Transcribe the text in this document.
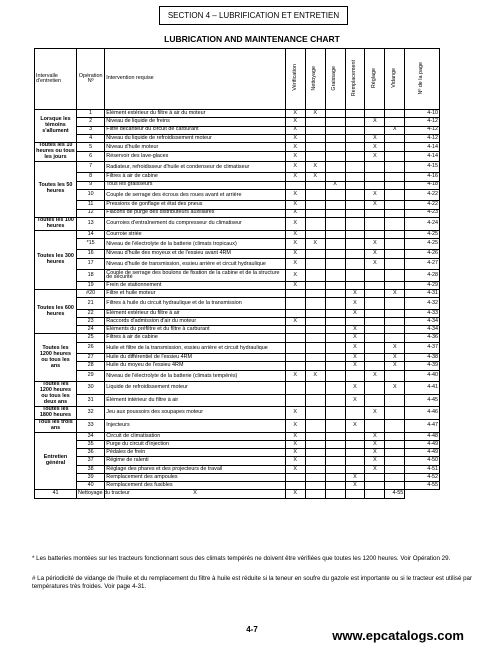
SECTION 4 – LUBRIFICATION ET ENTRETIEN
LUBRICATION AND MAINTENANCE CHART
Intervalle d'entretien	Opération Nº	Intervention requise	Vérification	Nettoyage	Graissage	Remplacement	Réglage	Vidange	Nº de la page
Lorsque les témoins s'allument	1	Élément extérieur du filtre à air du moteur	X	X					4-10
	2	Niveau de liquide de freins	X				X		4-12
	3	Filtre décanteur du circuit de carburant	X					X	4-12
	4	Niveau du liquide de refroidissement moteur	X				X		4-12
Toutes les 10 heures ou tous les jours	5	Niveau d'huile moteur	X				X		4-14
	6	Réservoir des lave-glaces	X				X		4-14
Toutes les 50 heures	7	Radiateur, refroidisseur d'huile et condenseur de climatiseur	X	X					4-15
	8	Filtres à air de cabine	X	X					4-16
	9	Tous les graisseurs			X				4-18
	10	Couple de serrage des écrous des roues avant et arrière	X				X		4-22
	11	Pressions de gonflage et état des pneus	X				X		4-22
	12	Flacons de purge des distributeurs auxiliaires	X						4-23
Toutes les 100 heures	13	Courroies d'entraînement du compresseur du climatiseur	X						4-24
Toutes les 300 heures	14	Courroie striée	X						4-25
	*15	Niveau de l'électrolyte de la batterie (climats tropicaux)	X	X			X		4-25
	16	Niveau d'huile des moyeux et de l'essieu avant 4RM	X				X		4-26
	17	Niveau d'huile de transmission, essieu arrière et circuit hydraulique	X				X		4-27
	18	Couple de serrage des boulons de fixation de la cabine et de la structure de sécurité	X						4-28
	19	Frein de stationnement	X						4-29
Toutes les 600 heures	#20	Filtre et huile moteur				X		X	4-31
	21	Filtres à huile du circuit hydraulique et de la transmission				X			4-32
	22	Élément extérieur du filtre à air				X			4-33
	23	Raccords d'admission d'air du moteur	X						4-34
	24	Éléments du préfiltre et du filtre à carburant				X			4-34
Toutes les 1200 heures ou tous les ans	25	Filtres à air de cabine				X			4-36
	26	Huile et filtre de la transmission, essieu arrière et circuit hydraulique				X		X	4-37
	27	Huile du différentiel de l'essieu 4RM				X		X	4-38
	28	Huile du moyeu de l'essieu 4RM				X		X	4-39
	29	Niveau de l'électrolyte de la batterie (climats tempérés)	X	X			X		4-40
Toutes les 1200 heures ou tous les deux ans	30	Liquide de refroidissement moteur				X		X	4-41
	31	Élément intérieur du filtre à air				X			4-45
Toutes les 1800 heures	32	Jeu aux poussoirs des soupapes moteur	X				X		4-46
Tous les trois ans	33	Injecteurs	X			X			4-47
Entretien général	34	Circuit de climatisation	X				X		4-48
	35	Purge du circuit d'injection	X				X		4-49
	36	Pédales de frein	X				X		4-49
	37	Régime de ralenti	X				X		4-50
	38	Réglage des phares et des projecteurs de travail	X				X		4-51
	39	Remplacement des ampoules				X			4-52
	40	Remplacement des fusibles				X			4-55
41	Nettoyage du tracteur	X	X					4-55	
* Les batteries montées sur les tracteurs fonctionnant sous des climats tempérés ne doivent être vérifiées que toutes les 1200 heures. Voir Opération 29.
# La périodicité de vidange de l'huile et du remplacement du filtre à huile est réduite si la teneur en soufre du gazole est importante ou si le tracteur est utilisé par températures très froides. Voir page 4-31.
4-7	www.epcatalogs.com
